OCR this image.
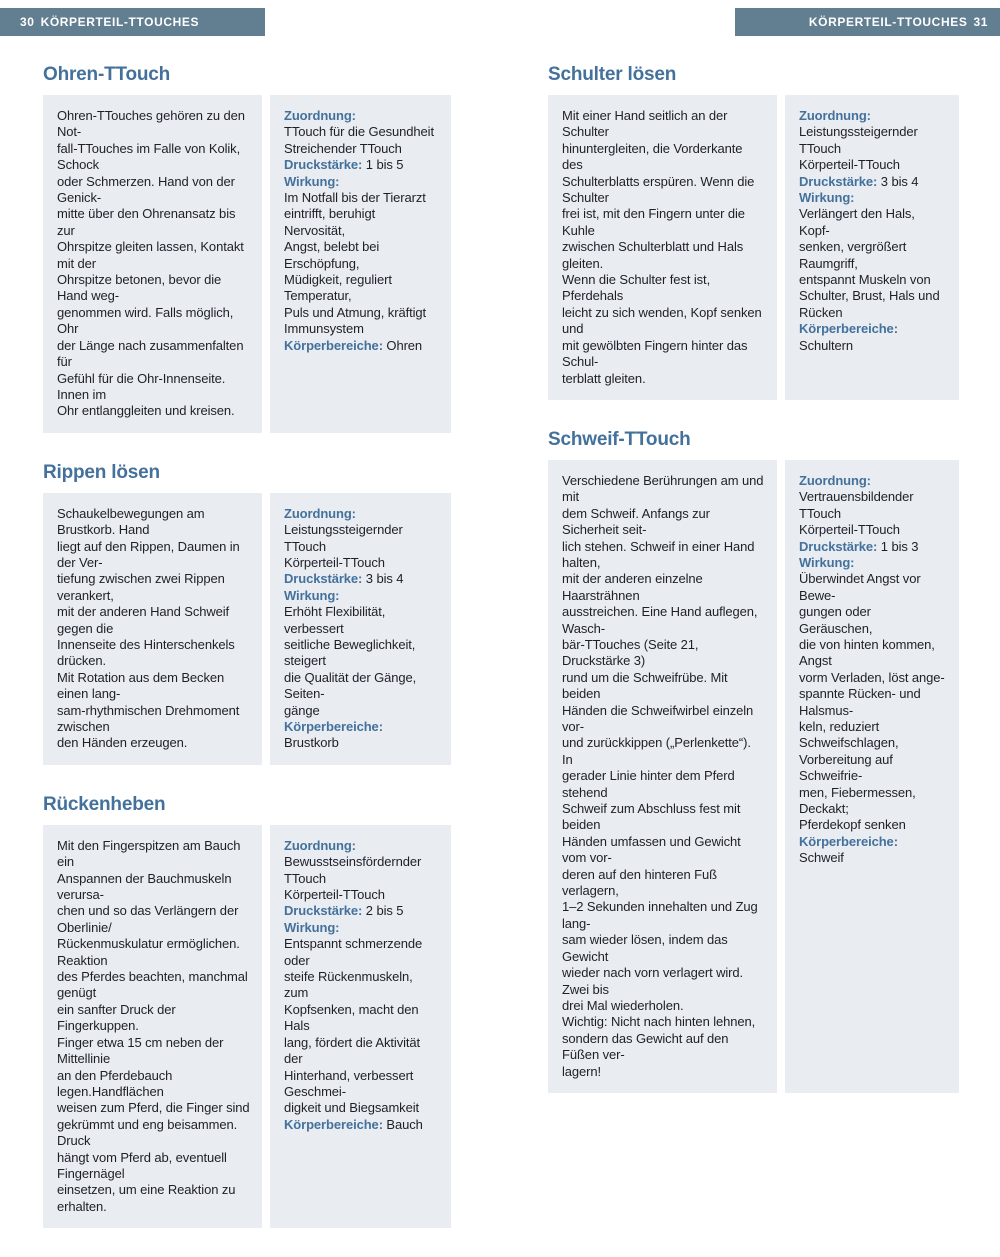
30 KÖRPERTEIL-TTOUCHES	KÖRPERTEIL-TTOUCHES 31
Ohren-TTouch
Ohren-TTouches gehören zu den Not-
fall-TTouches im Falle von Kolik, Schock
oder Schmerzen. Hand von der Genick-
mitte über den Ohrenansatz bis zur
Ohrspitze gleiten lassen, Kontakt mit der
Ohrspitze betonen, bevor die Hand weg-
genommen wird. Falls möglich, Ohr
der Länge nach zusammenfalten für
Gefühl für die Ohr-Innenseite. Innen im
Ohr entlanggleiten und kreisen.
Zuordnung:
TTouch für die Gesundheit
Streichender TTouch
Druckstärke: 1 bis 5
Wirkung:
Im Notfall bis der Tierarzt
eintrifft, beruhigt Nervosität,
Angst, belebt bei Erschöpfung,
Müdigkeit, reguliert Temperatur,
Puls und Atmung, kräftigt
Immunsystem
Körperbereiche: Ohren
Rippen lösen
Schaukelbewegungen am Brustkorb. Hand
liegt auf den Rippen, Daumen in der Ver-
tiefung zwischen zwei Rippen verankert,
mit der anderen Hand Schweif gegen die
Innenseite des Hinterschenkels drücken.
Mit Rotation aus dem Becken einen lang-
sam-rhythmischen Drehmoment zwischen
den Händen erzeugen.
Zuordnung:
Leistungssteigernder TTouch
Körperteil-TTouch
Druckstärke: 3 bis 4
Wirkung:
Erhöht Flexibilität, verbessert
seitliche Beweglichkeit, steigert
die Qualität der Gänge, Seiten-
gänge
Körperbereiche: Brustkorb
Rückenheben
Mit den Fingerspitzen am Bauch ein
Anspannen der Bauchmuskeln verursa-
chen und so das Verlängern der Oberlinie/
Rückenmuskulatur ermöglichen. Reaktion
des Pferdes beachten, manchmal genügt
ein sanfter Druck der Fingerkuppen.
Finger etwa 15 cm neben der Mittellinie
an den Pferdebauch legen.Handflächen
weisen zum Pferd, die Finger sind
gekrümmt und eng beisammen. Druck
hängt vom Pferd ab, eventuell Fingernägel
einsetzen, um eine Reaktion zu erhalten.
Zuordnung:
Bewusstseinsfördernder TTouch
Körperteil-TTouch
Druckstärke: 2 bis 5
Wirkung:
Entspannt schmerzende oder
steife Rückenmuskeln, zum
Kopfsenken, macht den Hals
lang, fördert die Aktivität der
Hinterhand, verbessert Geschmei-
digkeit und Biegsamkeit
Körperbereiche: Bauch
Schulter lösen
Mit einer Hand seitlich an der Schulter
hinuntergleiten, die Vorderkante des
Schulterblatts erspüren. Wenn die Schulter
frei ist, mit den Fingern unter die Kuhle
zwischen Schulterblatt und Hals gleiten.
Wenn die Schulter fest ist, Pferdehals
leicht zu sich wenden, Kopf senken und
mit gewölbten Fingern hinter das Schul-
terblatt gleiten.
Zuordnung:
Leistungssteigernder TTouch
Körperteil-TTouch
Druckstärke: 3 bis 4
Wirkung:
Verlängert den Hals, Kopf-
senken, vergrößert Raumgriff,
entspannt Muskeln von
Schulter, Brust, Hals und
Rücken
Körperbereiche:
Schultern
Schweif-TTouch
Verschiedene Berührungen am und mit
dem Schweif. Anfangs zur Sicherheit seit-
lich stehen. Schweif in einer Hand halten,
mit der anderen einzelne Haarsträhnen
ausstreichen. Eine Hand auflegen, Wasch-
bär-TTouches (Seite 21, Druckstärke 3)
rund um die Schweifrübe. Mit beiden
Händen die Schweifwirbel einzeln vor-
und zurückkippen („Perlenkette“). In
gerader Linie hinter dem Pferd stehend
Schweif zum Abschluss fest mit beiden
Händen umfassen und Gewicht vom vor-
deren auf den hinteren Fuß verlagern,
1–2 Sekunden innehalten und Zug lang-
sam wieder lösen, indem das Gewicht
wieder nach vorn verlagert wird. Zwei bis
drei Mal wiederholen.
Wichtig: Nicht nach hinten lehnen,
sondern das Gewicht auf den Füßen ver-
lagern!
Zuordnung:
Vertrauensbildender TTouch
Körperteil-TTouch
Druckstärke: 1 bis 3
Wirkung:
Überwindet Angst vor Bewe-
gungen oder Geräuschen,
die von hinten kommen, Angst
vorm Verladen, löst ange-
spannte Rücken- und Halsmus-
keln, reduziert Schweifschlagen,
Vorbereitung auf Schweifrie-
men, Fiebermessen, Deckakt;
Pferdekopf senken
Körperbereiche:
Schweif
